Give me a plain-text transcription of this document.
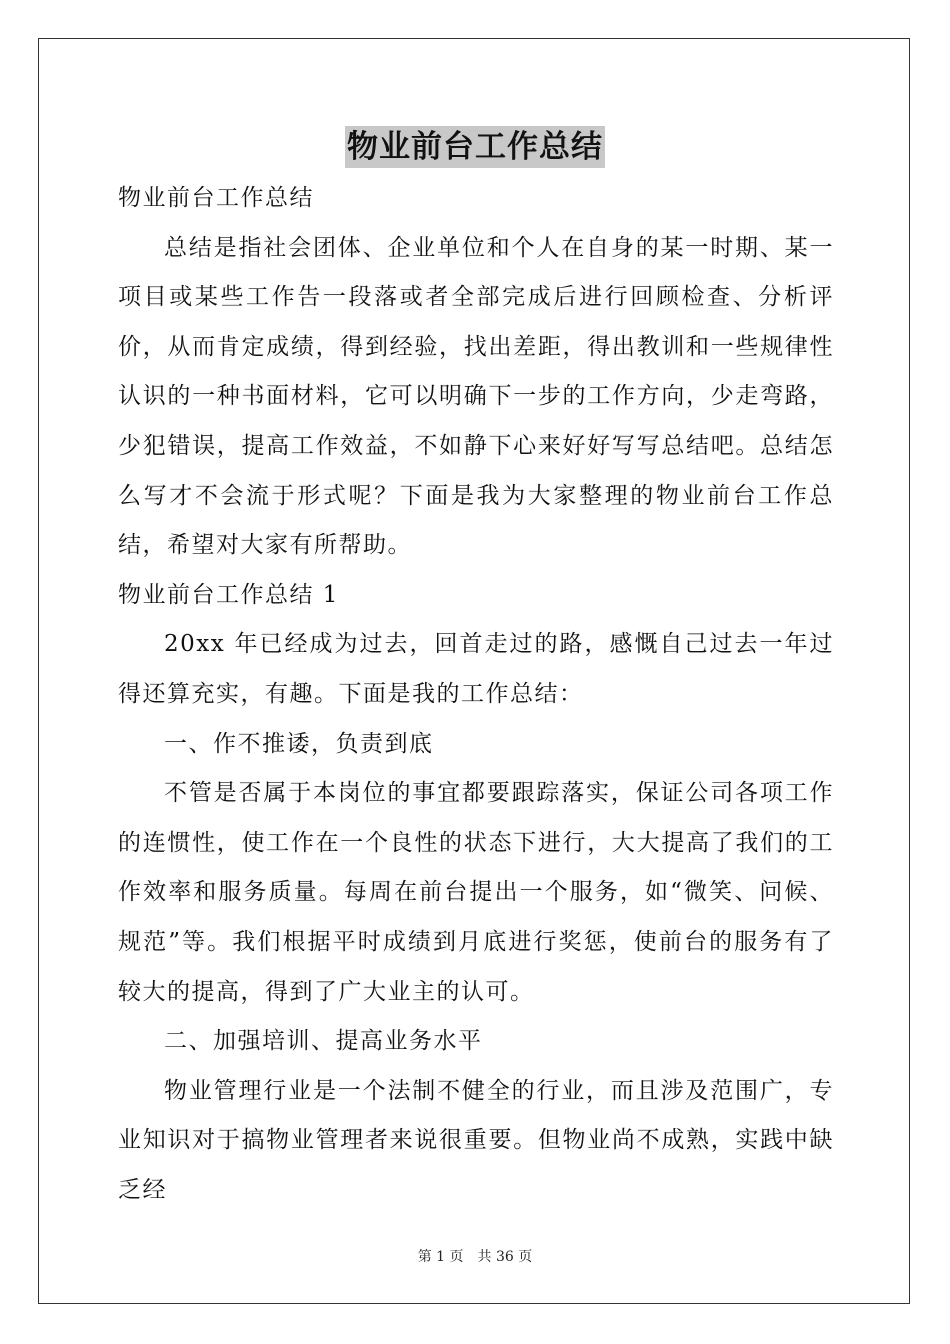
物业前台工作总结

物业前台工作总结

总结是指社会团体、企业单位和个人在自身的某一时期、某一项目或某些工作告一段落或者全部完成后进行回顾检查、分析评价，从而肯定成绩，得到经验，找出差距，得出教训和一些规律性认识的一种书面材料，它可以明确下一步的工作方向，少走弯路，少犯错误，提高工作效益，不如静下心来好好写写总结吧。总结怎么写才不会流于形式呢？下面是我为大家整理的物业前台工作总结，希望对大家有所帮助。

物业前台工作总结 1

20xx 年已经成为过去，回首走过的路，感慨自己过去一年过得还算充实，有趣。下面是我的工作总结：

一、作不推诿，负责到底

不管是否属于本岗位的事宜都要跟踪落实，保证公司各项工作的连惯性，使工作在一个良性的状态下进行，大大提高了我们的工作效率和服务质量。每周在前台提出一个服务，如“微笑、问候、规范”等。我们根据平时成绩到月底进行奖惩，使前台的服务有了较大的提高，得到了广大业主的认可。

二、加强培训、提高业务水平

物业管理行业是一个法制不健全的行业，而且涉及范围广，专业知识对于搞物业管理者来说很重要。但物业尚不成熟，实践中缺乏经

第 1 页 共 36 页
